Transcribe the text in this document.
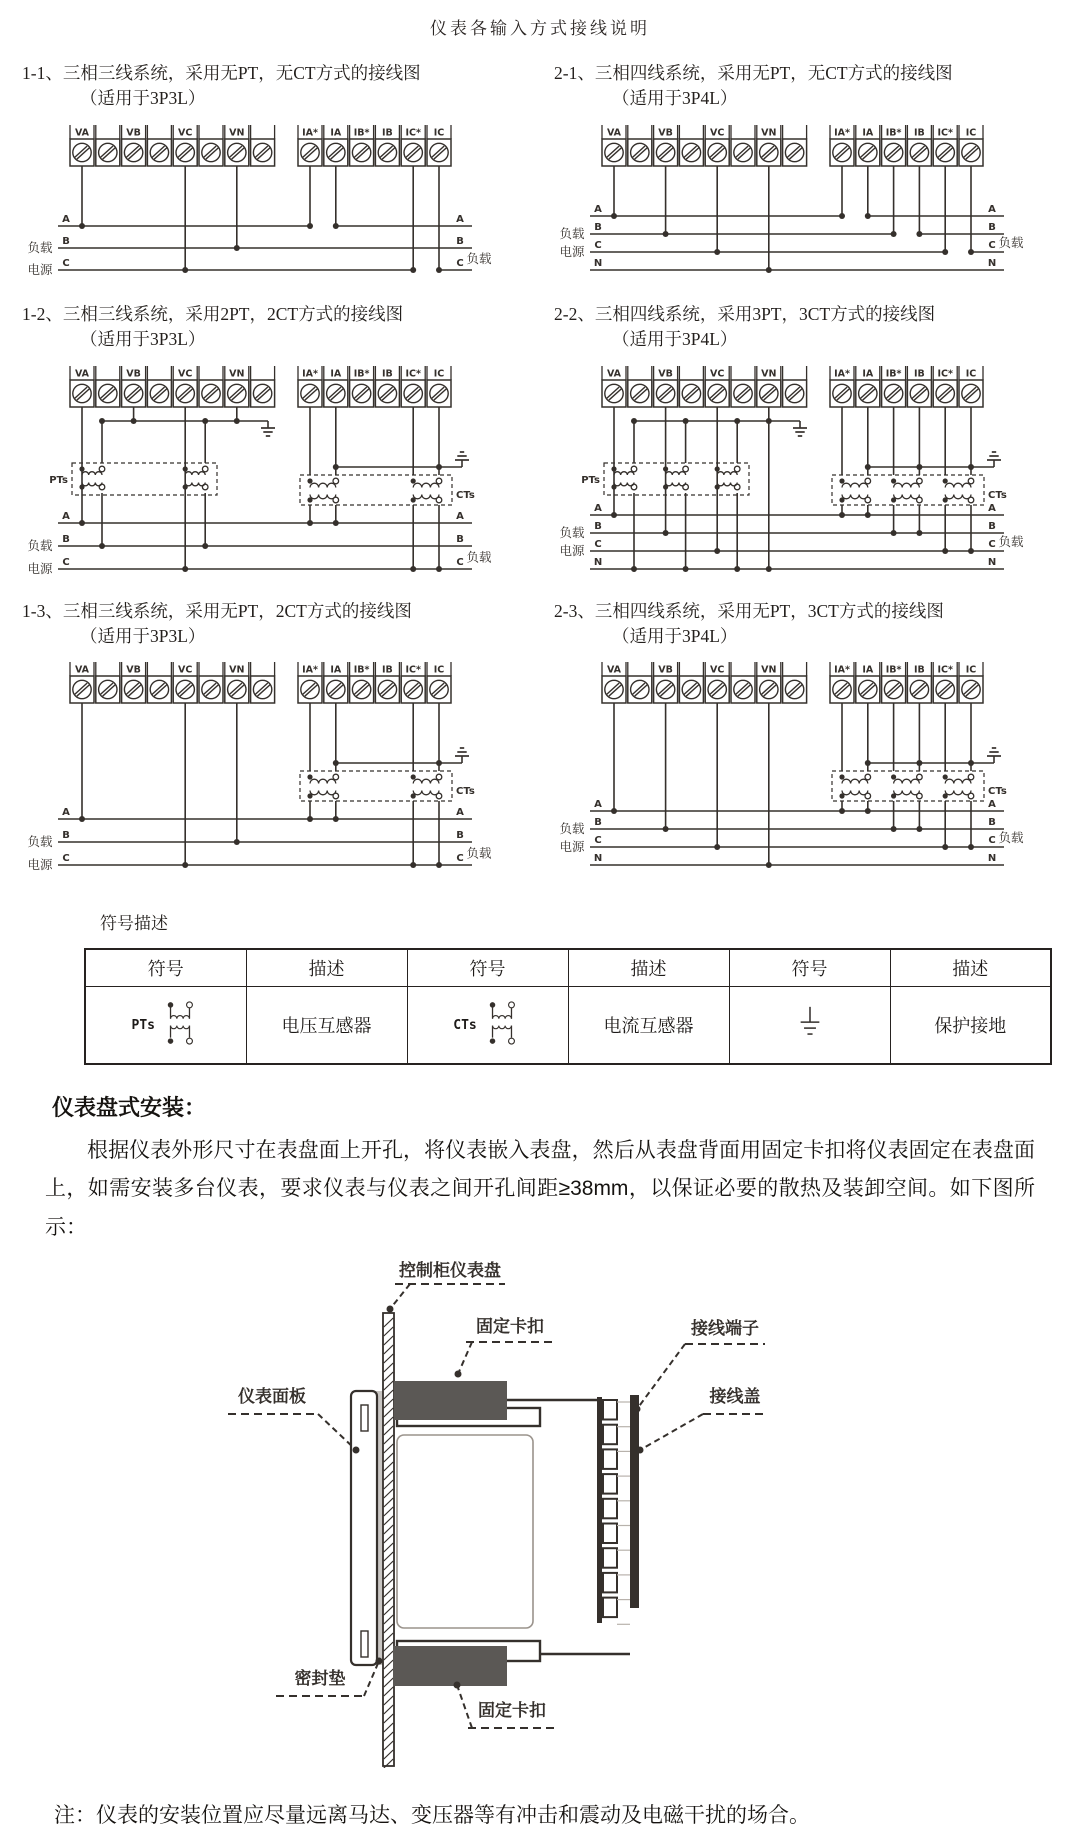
仪表各输入方式接线说明
1-1、三相三线系统，采用无PT，无CT方式的接线图
（适用于3P3L）
VA	VB	VC	VN	IA* IA IB* IB IC* IC
A	A
B	B
C	C
负载
电源
负载
2-1、三相四线系统，采用无PT，无CT方式的接线图
（适用于3P4L）
VA	VB	VC	VN	IA* IA IB* IB IC* IC
A	A
B	B
C	C
N	N
负载
电源
负载
1-2、三相三线系统，采用2PT，2CT方式的接线图
（适用于3P3L）
VA	VB	VC	VN	IA* IA IB* IB IC* IC
A	A
B	B
C	C
负载
电源
负载
PTs
CTs
2-2、三相四线系统，采用3PT，3CT方式的接线图
（适用于3P4L）
VA	VB	VC	VN	IA* IA IB* IB IC* IC
A	A
B	B
C	C
N	N
负载
电源
负载
PTs
CTs
1-3、三相三线系统，采用无PT，2CT方式的接线图
（适用于3P3L）
VA	VB	VC	VN	IA* IA IB* IB IC* IC
A	A
B	B
C	C
负载
电源
负载
CTs
2-3、三相四线系统，采用无PT，3CT方式的接线图
（适用于3P4L）
VA	VB	VC	VN	IA* IA IB* IB IC* IC
A	A
B	B
C	C
N	N
负载
电源
负载
CTs
符号描述
符号	描述	符号	描述	符号	描述

PTs	电压互感器	CTs	电流互感器		保护接地
仪表盘式安装：
根据仪表外形尺寸在表盘面上开孔，将仪表嵌入表盘，然后从表盘背面用固定卡扣将仪表固定在表盘面上，如需安装多台仪表，要求仪表与仪表之间开孔间距≥38mm，以保证必要的散热及装卸空间。如下图所示：
控制柜仪表盘
固定卡扣	接线端子
接线盖
仪表面板
密封垫
固定卡扣
注：仪表的安装位置应尽量远离马达、变压器等有冲击和震动及电磁干扰的场合。
